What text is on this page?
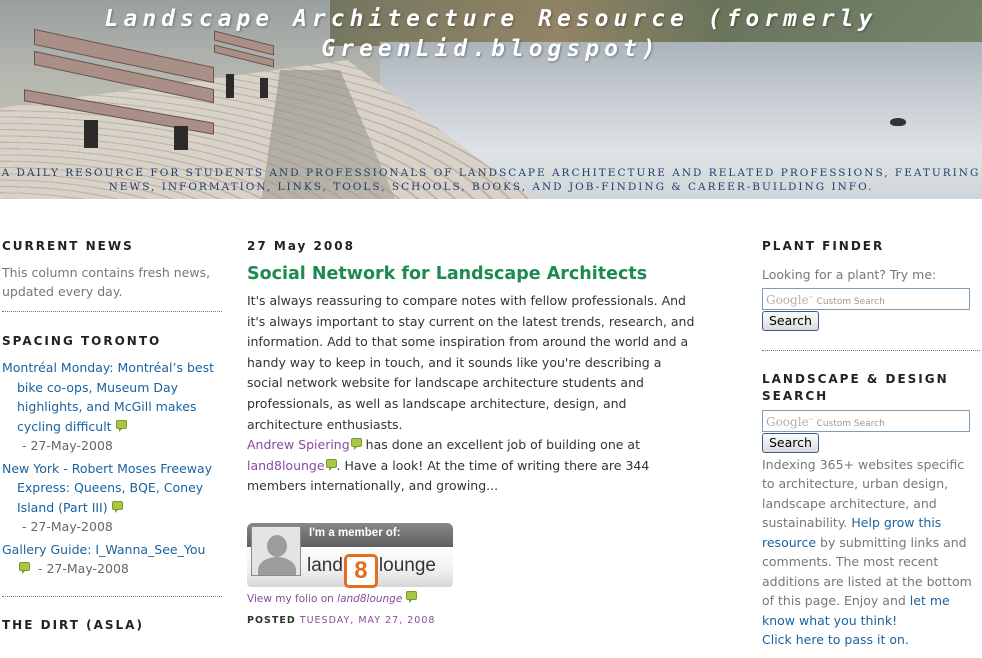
Landscape Architecture Resource (formerly GreenLid.blogspot)
A DAILY RESOURCE FOR STUDENTS AND PROFESSIONALS OF LANDSCAPE ARCHITECTURE AND RELATED PROFESSIONS, FEATURING NEWS, INFORMATION, LINKS, TOOLS, SCHOOLS, BOOKS, AND JOB-FINDING & CAREER-BUILDING INFO.
CURRENT NEWS

This column contains fresh news, updated every day.

SPACING TORONTO
Montréal Monday: Montréal’s best bike co-ops, Museum Day highlights, and McGill makes cycling difficult
- 27-May-2008
New York - Robert Moses Freeway Express: Queens, BQE, Coney Island (Part III)
- 27-May-2008
Gallery Guide: I_Wanna_See_You
- 27-May-2008
THE DIRT (ASLA)
27 May 2008
Social Network for Landscape Architects
It's always reassuring to compare notes with fellow professionals. And it's always important to stay current on the latest trends, research, and information. Add to that some inspiration from around the world and a handy way to keep in touch, and it sounds like you're describing a social network website for landscape architecture students and professionals, as well as landscape architecture, design, and architecture enthusiasts.
Andrew Spiering has done an excellent job of building one at land8lounge . Have a look! At the time of writing there are 344 members internationally, and growing...
I'm a member of:
land 8 lounge
View my folio on land8lounge
POSTED TUESDAY, MAY 27, 2008
PLANT FINDER

Looking for a plant? Try me:

Google™ Custom Search
Search
LANDSCAPE & DESIGN SEARCH
Google™ Custom Search
Search

Indexing 365+ websites specific to architecture, urban design, landscape architecture, and sustainability. Help grow this resource by submitting links and comments. The most recent additions are listed at the bottom of this page. Enjoy and let me know what you think!
Click here to pass it on.
